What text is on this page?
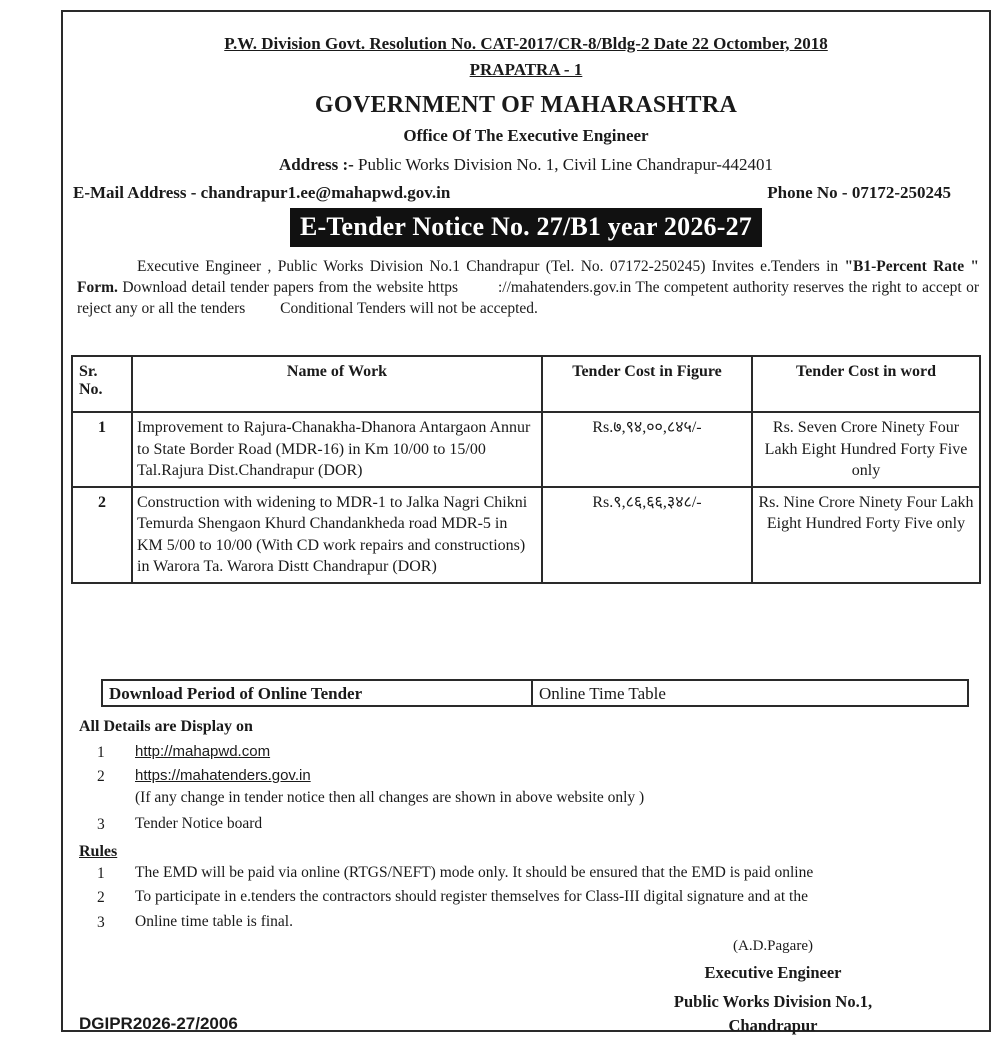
P.W. Division Govt. Resolution No. CAT-2017/CR-8/Bldg-2 Date 22 Octomber, 2018
PRAPATRA - 1
GOVERNMENT OF MAHARASHTRA
Office Of The Executive Engineer
Address :- Public Works Division No. 1, Civil Line Chandrapur-442401
E-Mail Address - chandrapur1.ee@mahapwd.gov.in	Phone No - 07172-250245
E-Tender Notice No. 27/B1 year 2026-27
Executive Engineer , Public Works Division No.1 Chandrapur (Tel. No. 07172-250245) Invites e.Tenders in "B1-Percent Rate " Form. Download detail tender papers from the website https	://mahatenders.gov.in The competent authority reserves the right to accept or reject any or all the tenders Conditional Tenders will not be accepted.
Sr. No.	Name of Work	Tender Cost in Figure	Tender Cost in word
1	Improvement to Rajura-Chanakha-Dhanora Antargaon Annur to State Border Road (MDR-16) in Km 10/00 to 15/00 Tal.Rajura Dist.Chandrapur (DOR)	Rs.७,९४,००,८४५/-	Rs. Seven Crore Ninety Four Lakh Eight Hundred Forty Five only
2	Construction with widening to MDR-1 to Jalka Nagri Chikni Temurda Shengaon Khurd Chandankheda road MDR-5 in KM 5/00 to 10/00 (With CD work repairs and constructions) in Warora Ta. Warora Distt Chandrapur (DOR)	Rs.९,८६,६६,३४८/-	Rs. Nine Crore Ninety Four Lakh Eight Hundred Forty Five only
Download Period of Online Tender	Online Time Table
All Details are Display on
1	http://mahapwd.com
2	https://mahatenders.gov.in
(If any change in tender notice then all changes are shown in above website only )
3	Tender Notice board
Rules
1	The EMD will be paid via online (RTGS/NEFT) mode only. It should be ensured that the EMD is paid online
2	To participate in e.tenders the contractors should register themselves for Class-III digital signature and at the
3	Online time table is final.
(A.D.Pagare)
Executive Engineer
Public Works Division No.1,
Chandrapur
DGIPR2026-27/2006
